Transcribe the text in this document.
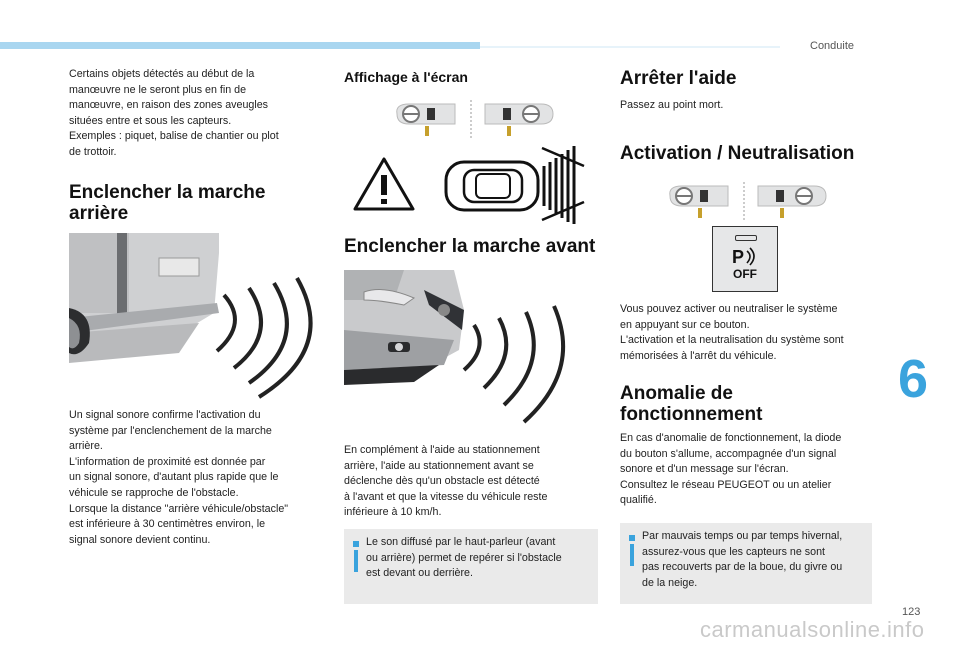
Conduite
6

Certains objets détectés au début de la
manœuvre ne le seront plus en fin de
manœuvre, en raison des zones aveugles
situées entre et sous les capteurs.
Exemples : piquet, balise de chantier ou plot
de trottoir.

Enclencher la marche
arrière

Un signal sonore confirme l'activation du
système par l'enclenchement de la marche
arrière.
L'information de proximité est donnée par
un signal sonore, d'autant plus rapide que le
véhicule se rapproche de l'obstacle.
Lorsque la distance "arrière véhicule/obstacle"
est inférieure à 30 centimètres environ, le
signal sonore devient continu.

Affichage à l'écran
Enclencher la marche avant

En complément à l'aide au stationnement
arrière, l'aide au stationnement avant se
déclenche dès qu'un obstacle est détecté
à l'avant et que la vitesse du véhicule reste
inférieure à 10 km/h.

Le son diffusé par le haut-parleur (avant
ou arrière) permet de repérer si l'obstacle
est devant ou derrière.

Arrêter l'aide

Passez au point mort.

Activation / Neutralisation
P
OFF

Vous pouvez activer ou neutraliser le système
en appuyant sur ce bouton.
L'activation et la neutralisation du système sont
mémorisées à l'arrêt du véhicule.

Anomalie de
fonctionnement

En cas d'anomalie de fonctionnement, la diode
du bouton s'allume, accompagnée d'un signal
sonore et d'un message sur l'écran.
Consultez le réseau PEUGEOT ou un atelier
qualifié.

Par mauvais temps ou par temps hivernal,
assurez-vous que les capteurs ne sont
pas recouverts par de la boue, du givre ou
de la neige.

123
carmanualsonline.info
